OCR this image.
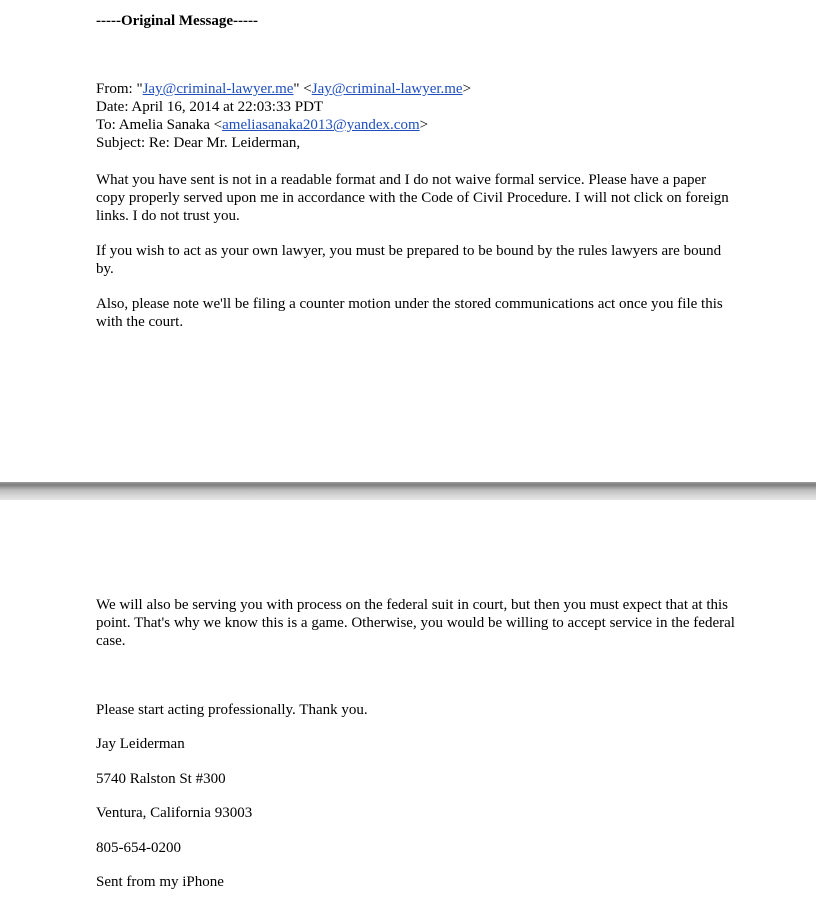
-----Original Message-----

From: "Jay@criminal-lawyer.me" <Jay@criminal-lawyer.me>
Date: April 16, 2014 at 22:03:33 PDT
To: Amelia Sanaka <ameliasanaka2013@yandex.com>
Subject: Re: Dear Mr. Leiderman,

What you have sent is not in a readable format and I do not waive formal service. Please have a paper copy properly served upon me in accordance with the Code of Civil Procedure. I will not click on foreign links. I do not trust you.

If you wish to act as your own lawyer, you must be prepared to be bound by the rules lawyers are bound by.

Also, please note we'll be filing a counter motion under the stored communications act once you file this with the court.

We will also be serving you with process on the federal suit in court, but then you must expect that at this point. That's why we know this is a game. Otherwise, you would be willing to accept service in the federal case.

Please start acting professionally. Thank you.

Jay Leiderman

5740 Ralston St #300

Ventura, California 93003

805-654-0200

Sent from my iPhone
